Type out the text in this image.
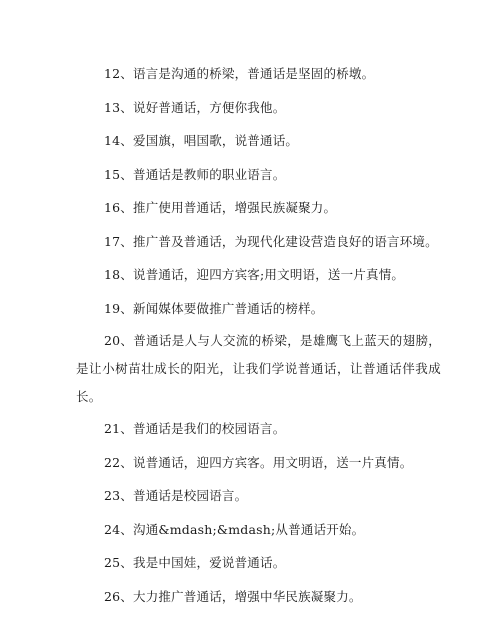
12、语言是沟通的桥梁，普通话是坚固的桥墩。
13、说好普通话，方便你我他。
14、爱国旗，唱国歌，说普通话。
15、普通话是教师的职业语言。
16、推广使用普通话，增强民族凝聚力。
17、推广普及普通话，为现代化建设营造良好的语言环境。
18、说普通话，迎四方宾客;用文明语，送一片真情。
19、新闻媒体要做推广普通话的榜样。
20、普通话是人与人交流的桥梁，是雄鹰飞上蓝天的翅膀，是让小树苗壮成长的阳光，让我们学说普通话，让普通话伴我成长。
21、普通话是我们的校园语言。
22、说普通话，迎四方宾客。用文明语，送一片真情。
23、普通话是校园语言。
24、沟通&mdash;&mdash;从普通话开始。
25、我是中国娃，爱说普通话。
26、大力推广普通话，增强中华民族凝聚力。
